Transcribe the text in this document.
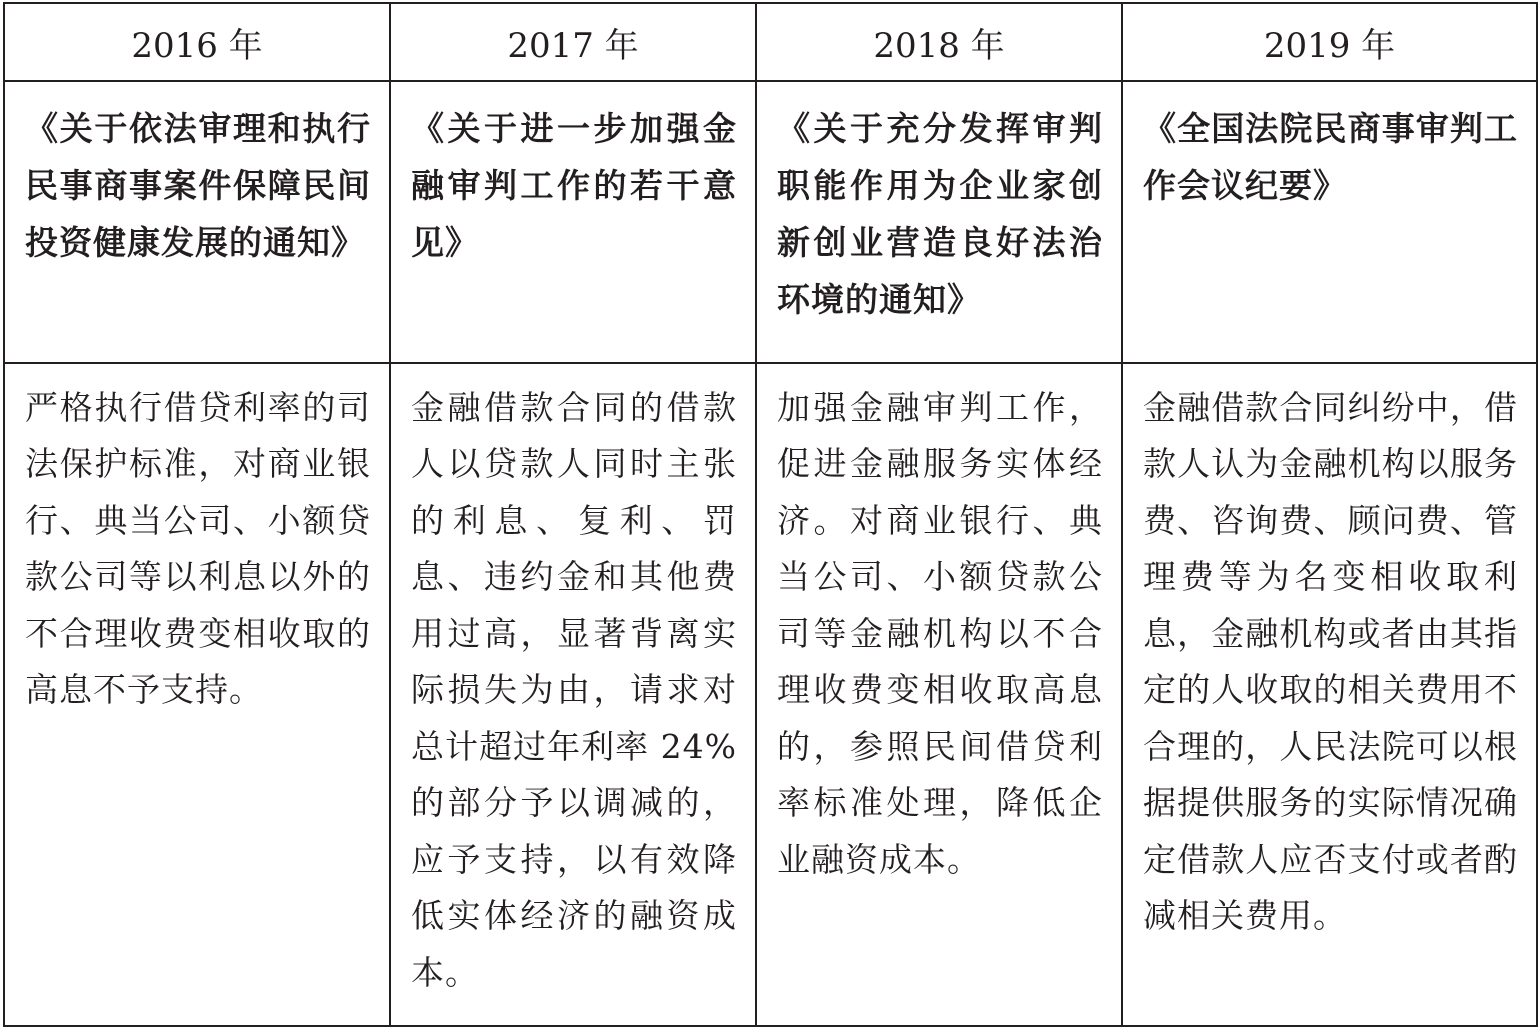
2016 年	2017 年	2018 年	2019 年

《关于依法审理和执行民事商事案件保障民间投资健康发展的通知》	《关于进一步加强金融审判工作的若干意见》	《关于充分发挥审判职能作用为企业家创新创业营造良好法治环境的通知》	《全国法院民商事审判工作会议纪要》

严格执行借贷利率的司法保护标准，对商业银行、典当公司、小额贷款公司等以利息以外的不合理收费变相收取的高息不予支持。	金融借款合同的借款人以贷款人同时主张的利息、复利、罚息、违约金和其他费用过高，显著背离实际损失为由，请求对总计超过年利率 24% 的部分予以调减的，应予支持，以有效降低实体经济的融资成本。	加强金融审判工作，促进金融服务实体经济。对商业银行、典当公司、小额贷款公司等金融机构以不合理收费变相收取高息的，参照民间借贷利率标准处理，降低企业融资成本。	金融借款合同纠纷中，借款人认为金融机构以服务费、咨询费、顾问费、管理费等为名变相收取利息，金融机构或者由其指定的人收取的相关费用不合理的，人民法院可以根据提供服务的实际情况确定借款人应否支付或者酌减相关费用。
